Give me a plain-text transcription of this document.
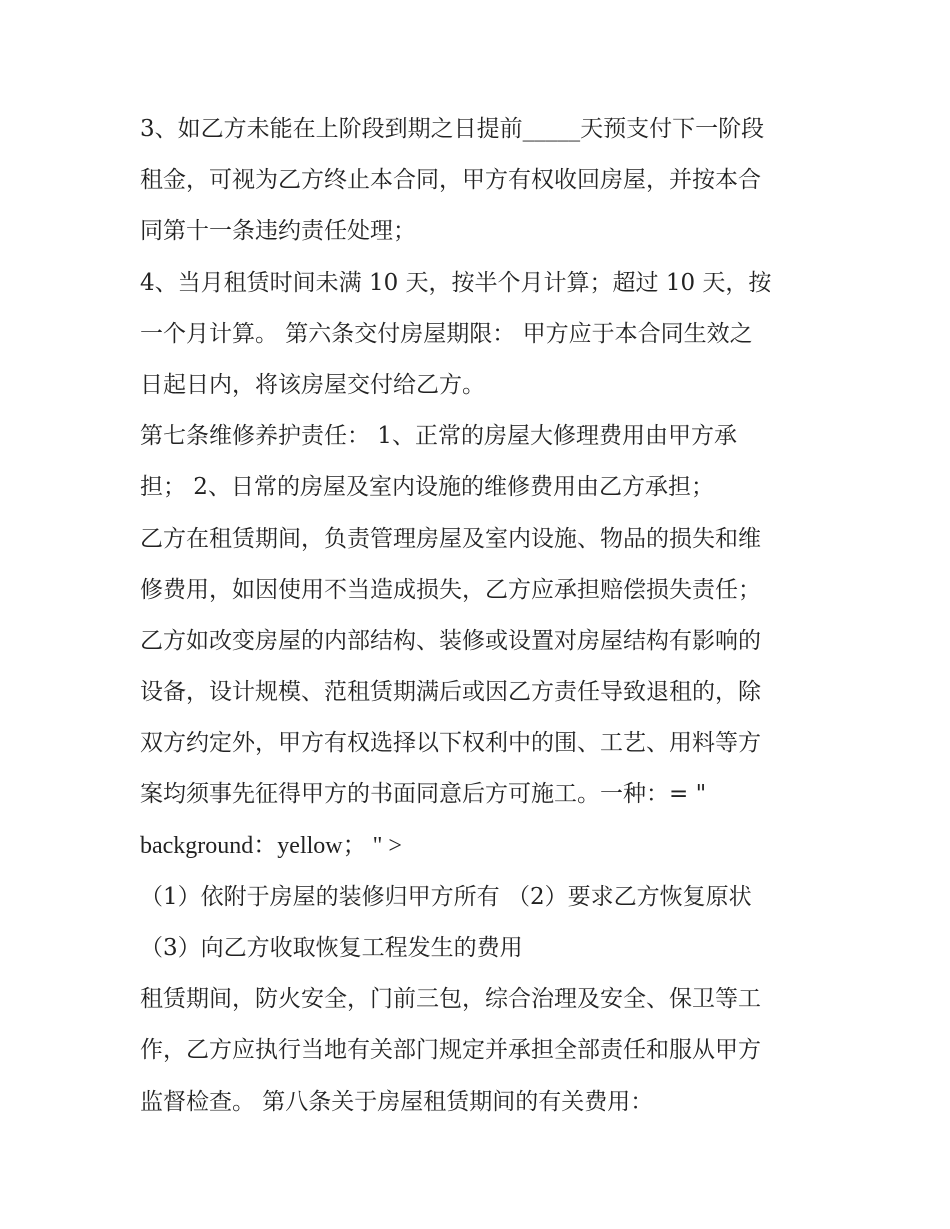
3、如乙方未能在上阶段到期之日提前_____天预支付下一阶段
租金，可视为乙方终止本合同，甲方有权收回房屋，并按本合
同第十一条违约责任处理；
4、当月租赁时间未满 10 天，按半个月计算；超过 10 天，按
一个月计算。 第六条交付房屋期限： 甲方应于本合同生效之
日起日内，将该房屋交付给乙方。
第七条维修养护责任： 1、正常的房屋大修理费用由甲方承
担； 2、日常的房屋及室内设施的维修费用由乙方承担；
乙方在租赁期间，负责管理房屋及室内设施、物品的损失和维
修费用，如因使用不当造成损失，乙方应承担赔偿损失责任；
乙方如改变房屋的内部结构、装修或设置对房屋结构有影响的
设备，设计规模、范租赁期满后或因乙方责任导致退租的，除
双方约定外，甲方有权选择以下权利中的围、工艺、用料等方
案均须事先征得甲方的书面同意后方可施工。一种：= "
background：yellow； " >
（1）依附于房屋的装修归甲方所有 （2）要求乙方恢复原状
（3）向乙方收取恢复工程发生的费用
租赁期间，防火安全，门前三包，综合治理及安全、保卫等工
作，乙方应执行当地有关部门规定并承担全部责任和服从甲方
监督检查。 第八条关于房屋租赁期间的有关费用：
